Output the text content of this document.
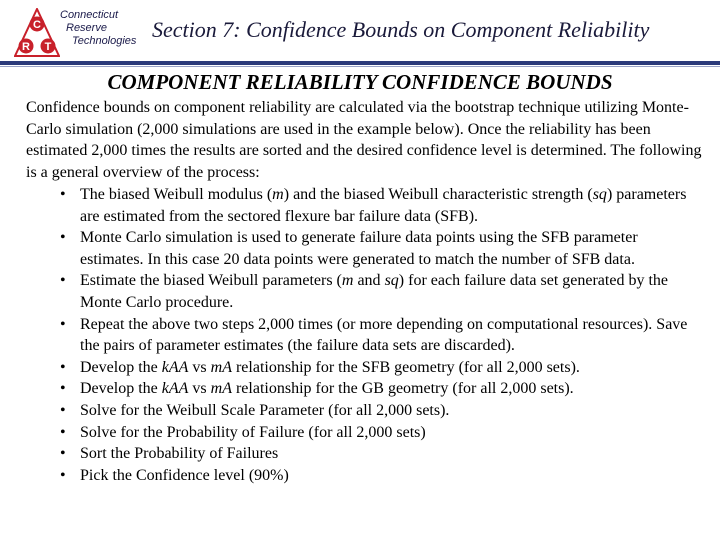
C
R T
Connecticut
Reserve
Technologies Section 7: Confidence Bounds on Component Reliability
COMPONENT RELIABILITY CONFIDENCE BOUNDS

Confidence bounds on component reliability are calculated via the bootstrap technique utilizing Monte-Carlo simulation (2,000 simulations are used in the example below). Once the reliability has been estimated 2,000 times the results are sorted and the desired confidence level is determined. The following is a general overview of the process:

• The biased Weibull modulus (m) and the biased Weibull characteristic strength (sq) parameters are estimated from the sectored flexure bar failure data (SFB).
• Monte Carlo simulation is used to generate failure data points using the SFB parameter estimates. In this case 20 data points were generated to match the number of SFB data.
• Estimate the biased Weibull parameters (m and sq) for each failure data set generated by the Monte Carlo procedure.
• Repeat the above two steps 2,000 times (or more depending on computational resources). Save the pairs of parameter estimates (the failure data sets are discarded).
• Develop the kAA vs mA relationship for the SFB geometry (for all 2,000 sets).
• Develop the kAA vs mA relationship for the GB geometry (for all 2,000 sets).
• Solve for the Weibull Scale Parameter (for all 2,000 sets).
• Solve for the Probability of Failure (for all 2,000 sets)
• Sort the Probability of Failures
• Pick the Confidence level (90%)
